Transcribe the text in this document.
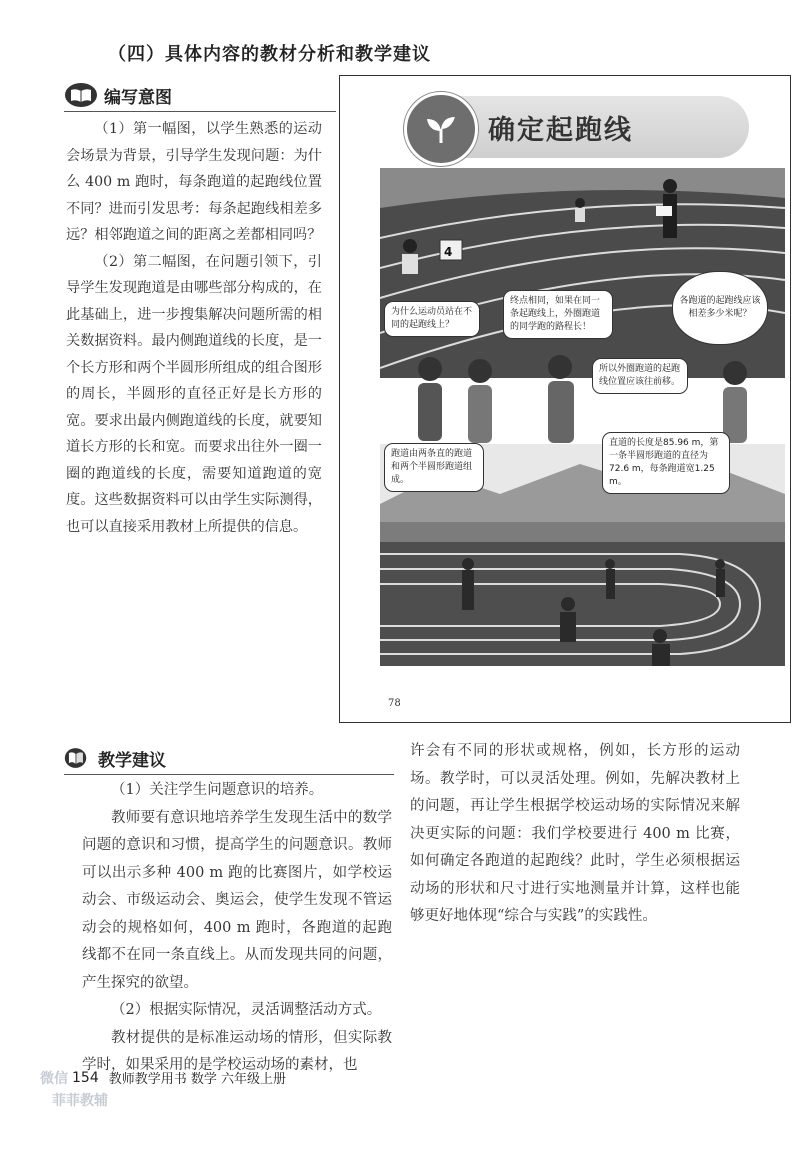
（四）具体内容的教材分析和教学建议
编写意图

（1）第一幅图，以学生熟悉的运动会场景为背景，引导学生发现问题：为什么 400 m 跑时，每条跑道的起跑线位置不同？进而引发思考：每条起跑线相差多远？相邻跑道之间的距离之差都相同吗？

（2）第二幅图，在问题引领下，引导学生发现跑道是由哪些部分构成的，在此基础上，进一步搜集解决问题所需的相关数据资料。最内侧跑道线的长度，是一个长方形和两个半圆形所组成的组合图形的周长，半圆形的直径正好是长方形的宽。要求出最内侧跑道线的长度，就要知道长方形的长和宽。而要求出往外一圈一圈的跑道线的长度，需要知道跑道的宽度。这些数据资料可以由学生实际测得，也可以直接采用教材上所提供的信息。

确定起跑线
4
为什么运动员站在不同的起跑线上？
终点相同，如果在同一条起跑线上，外圈跑道的同学跑的路程长！
各跑道的起跑线应该相差多少米呢？
所以外圈跑道的起跑线位置应该往前移。
跑道由两条直的跑道和两个半圆形跑道组成。
直道的长度是85.96 m，第一条半圆形跑道的直径为72.6 m，每条跑道宽1.25 m。
78
教学建议

（1）关注学生问题意识的培养。

教师要有意识地培养学生发现生活中的数学问题的意识和习惯，提高学生的问题意识。教师可以出示多种 400 m 跑的比赛图片，如学校运动会、市级运动会、奥运会，使学生发现不管运动会的规格如何，400 m 跑时，各跑道的起跑线都不在同一条直线上。从而发现共同的问题，产生探究的欲望。

（2）根据实际情况，灵活调整活动方式。

教材提供的是标准运动场的情形，但实际教学时，如果采用的是学校运动场的素材，也

许会有不同的形状或规格，例如，长方形的运动场。教学时，可以灵活处理。例如，先解决教材上的问题，再让学生根据学校运动场的实际情况来解决更实际的问题：我们学校要进行 400 m 比赛，如何确定各跑道的起跑线？此时，学生必须根据运动场的形状和尺寸进行实地测量并计算，这样也能够更好地体现“综合与实践”的实践性。

154 教师教学用书 数学 六年级上册
微信
菲菲教辅
